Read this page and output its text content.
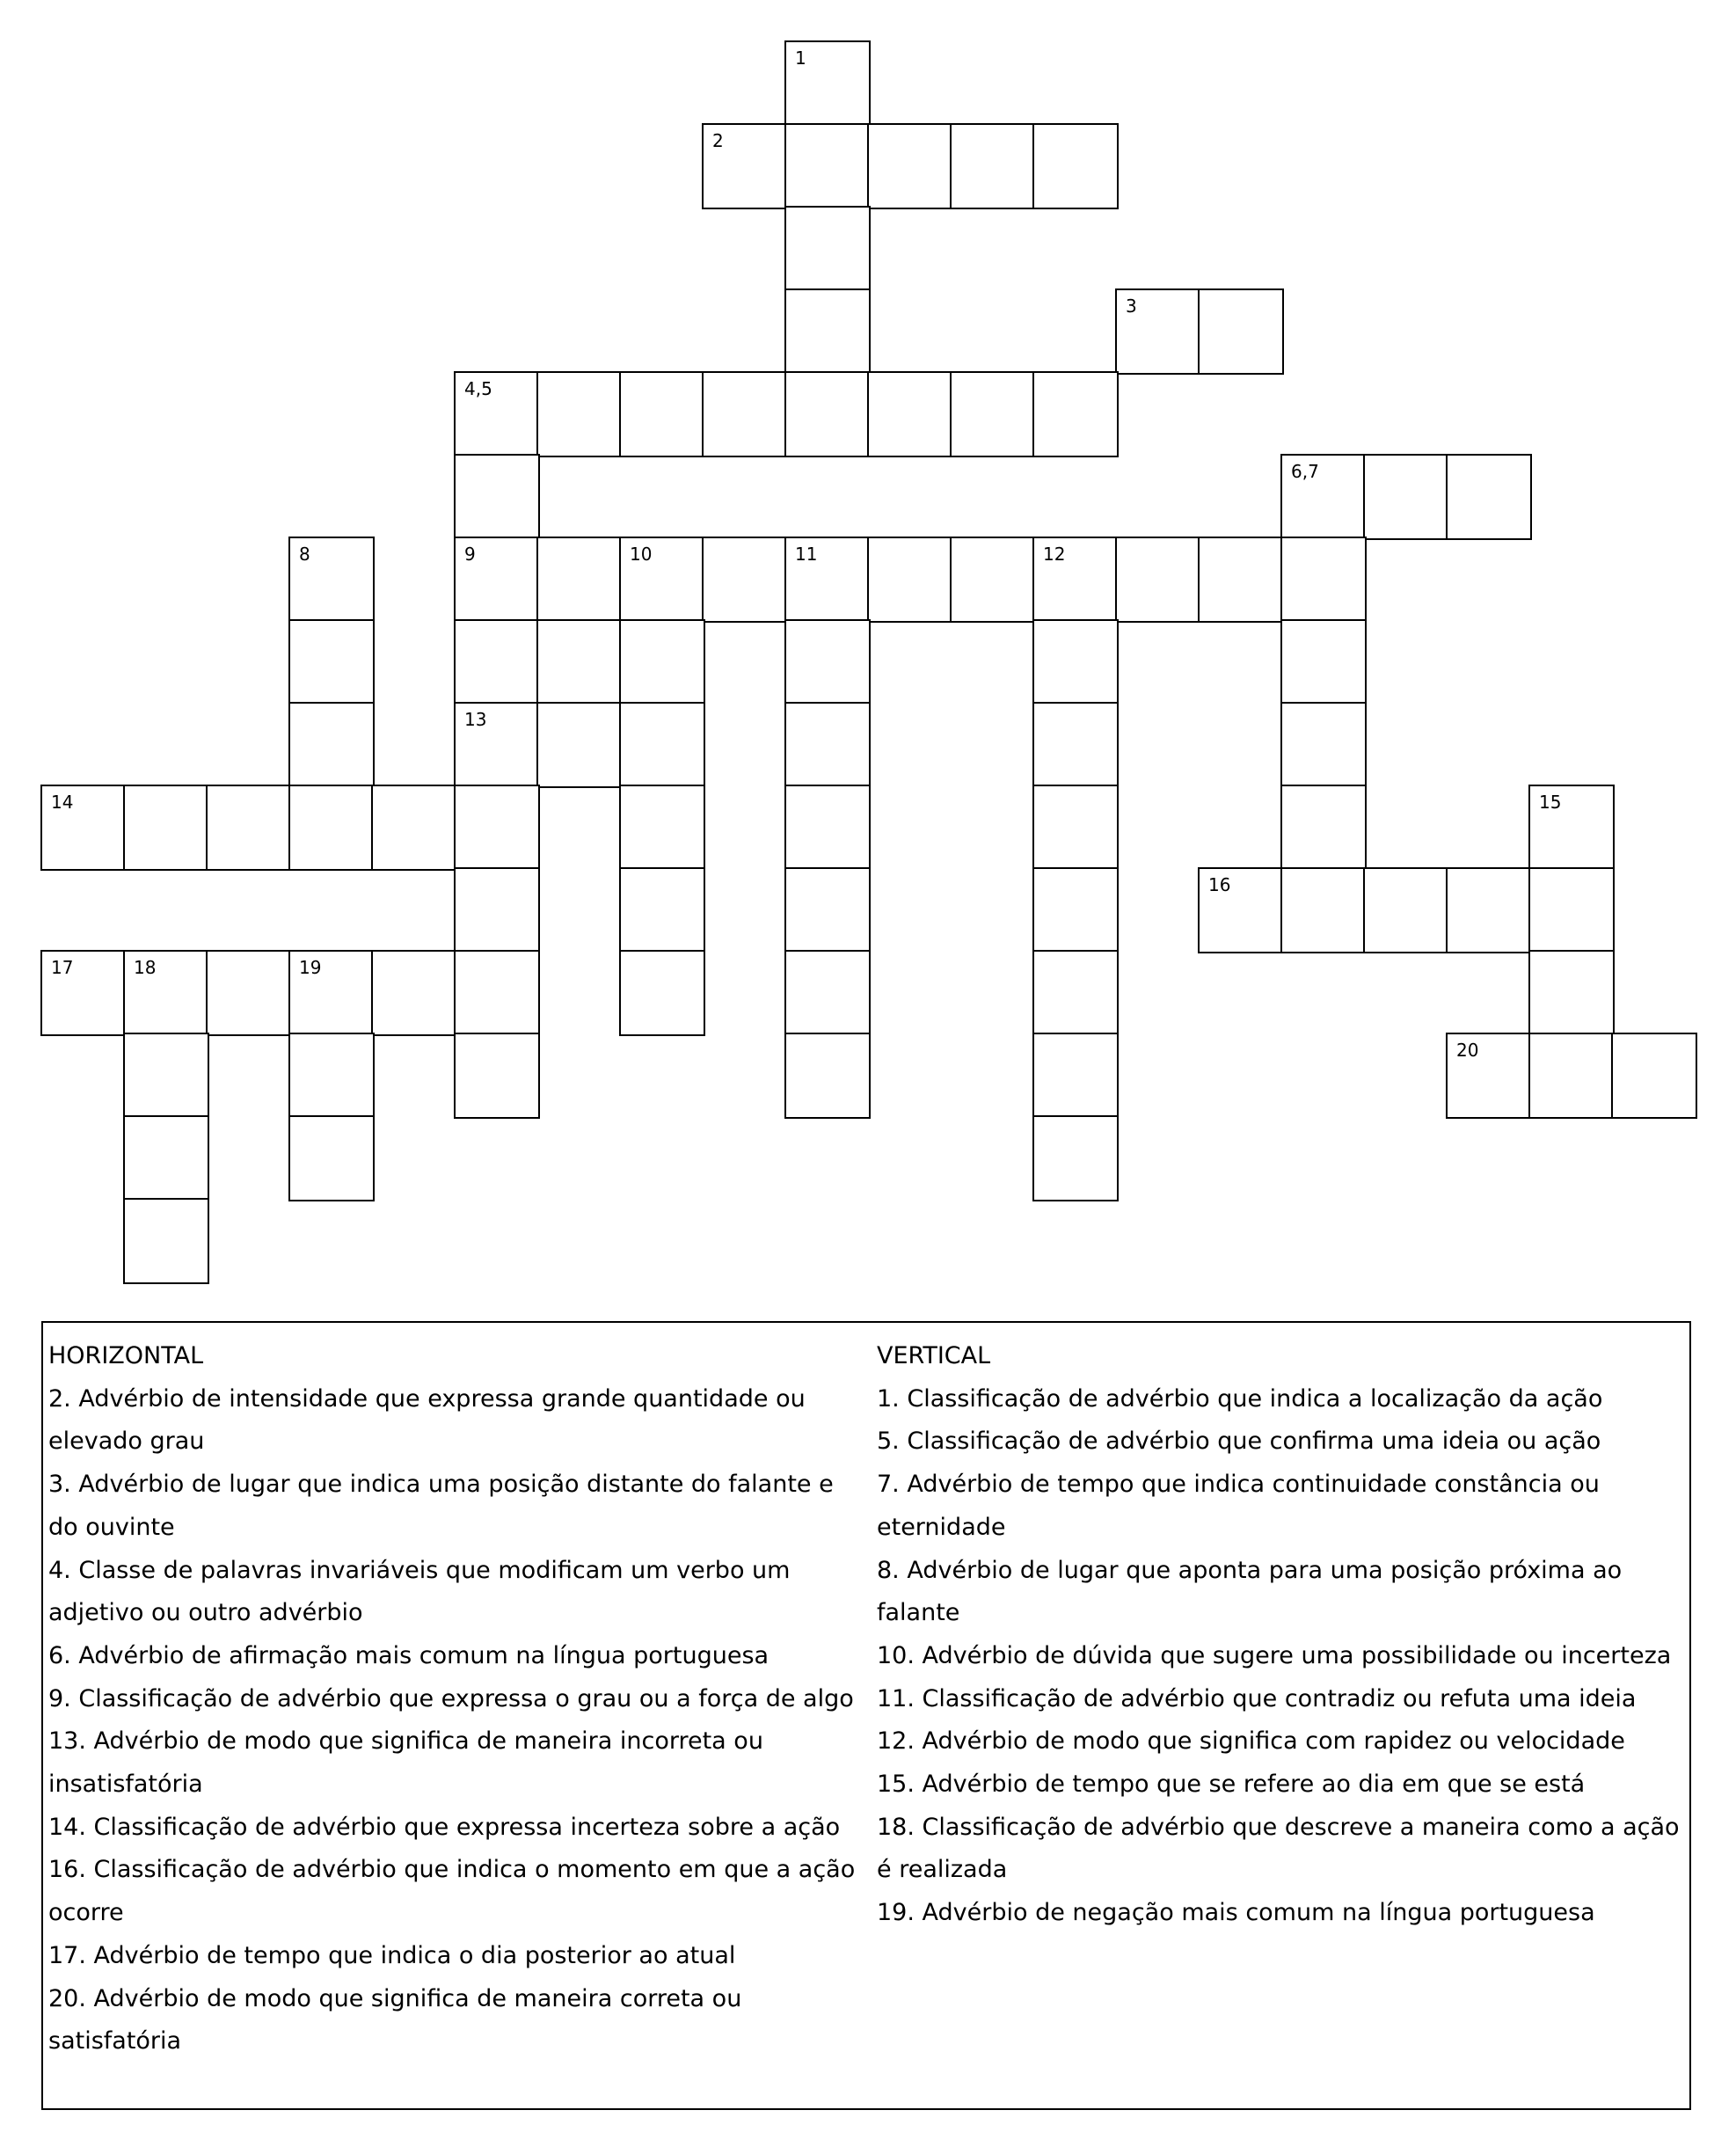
1
2
3
4,5
6,7
8	9	10	11	12
13
14	15
16
17	18	19
20
HORIZONTAL
2. Advérbio de intensidade que expressa grande quantidade ou elevado grau
3. Advérbio de lugar que indica uma posição distante do falante e do ouvinte
4. Classe de palavras invariáveis que modificam um verbo um adjetivo ou outro advérbio
6. Advérbio de afirmação mais comum na língua portuguesa
9. Classificação de advérbio que expressa o grau ou a força de algo
13. Advérbio de modo que significa de maneira incorreta ou insatisfatória
14. Classificação de advérbio que expressa incerteza sobre a ação
16. Classificação de advérbio que indica o momento em que a ação ocorre
17. Advérbio de tempo que indica o dia posterior ao atual
20. Advérbio de modo que significa de maneira correta ou satisfatória
VERTICAL
1. Classificação de advérbio que indica a localização da ação
5. Classificação de advérbio que confirma uma ideia ou ação
7. Advérbio de tempo que indica continuidade constância ou eternidade
8. Advérbio de lugar que aponta para uma posição próxima ao falante
10. Advérbio de dúvida que sugere uma possibilidade ou incerteza
11. Classificação de advérbio que contradiz ou refuta uma ideia
12. Advérbio de modo que significa com rapidez ou velocidade
15. Advérbio de tempo que se refere ao dia em que se está
18. Classificação de advérbio que descreve a maneira como a ação é realizada
19. Advérbio de negação mais comum na língua portuguesa
